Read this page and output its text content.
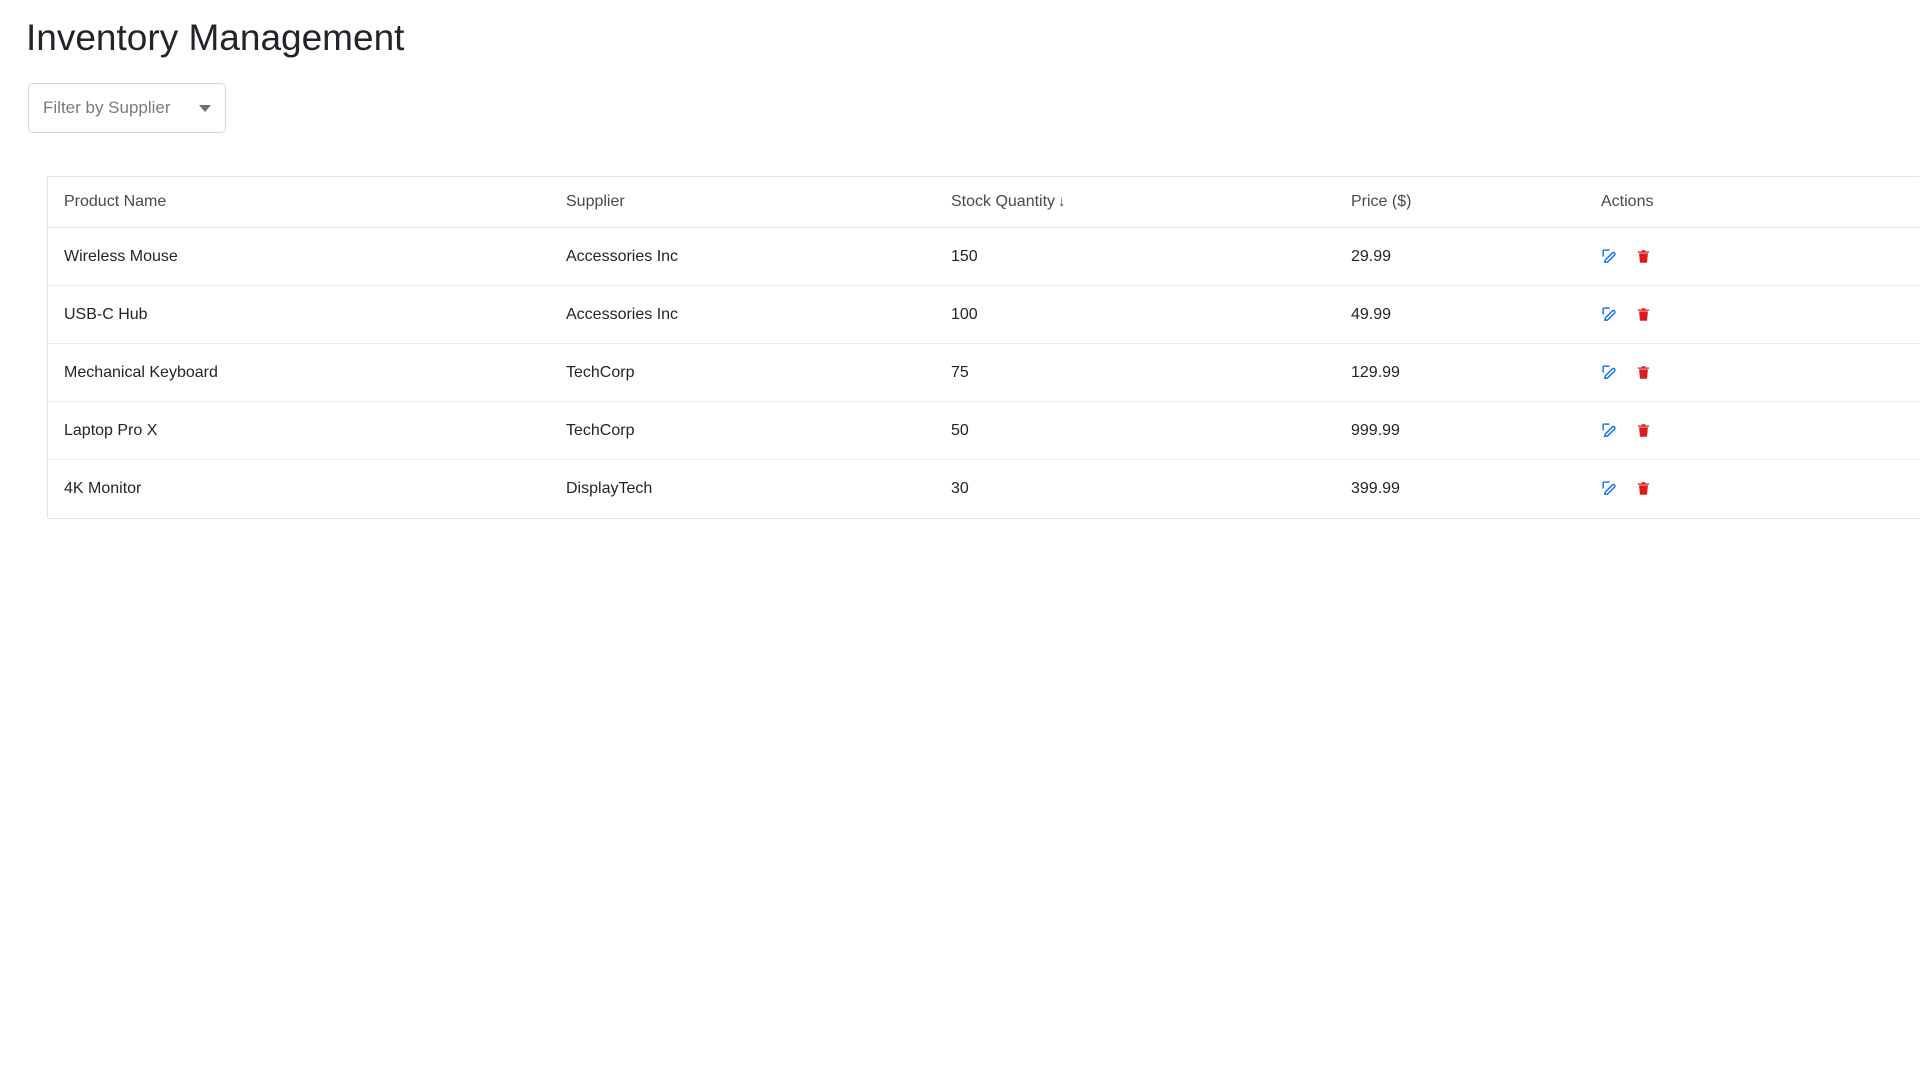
Inventory Management
Filter by Supplier
Product Name	Supplier	Stock Quantity ↓	Price ($)	Actions
Wireless Mouse	Accessories Inc	150	29.99	

USB-C Hub	Accessories Inc	100	49.99	

Mechanical Keyboard	TechCorp	75	129.99	

Laptop Pro X	TechCorp	50	999.99	

4K Monitor	DisplayTech	30	399.99	
